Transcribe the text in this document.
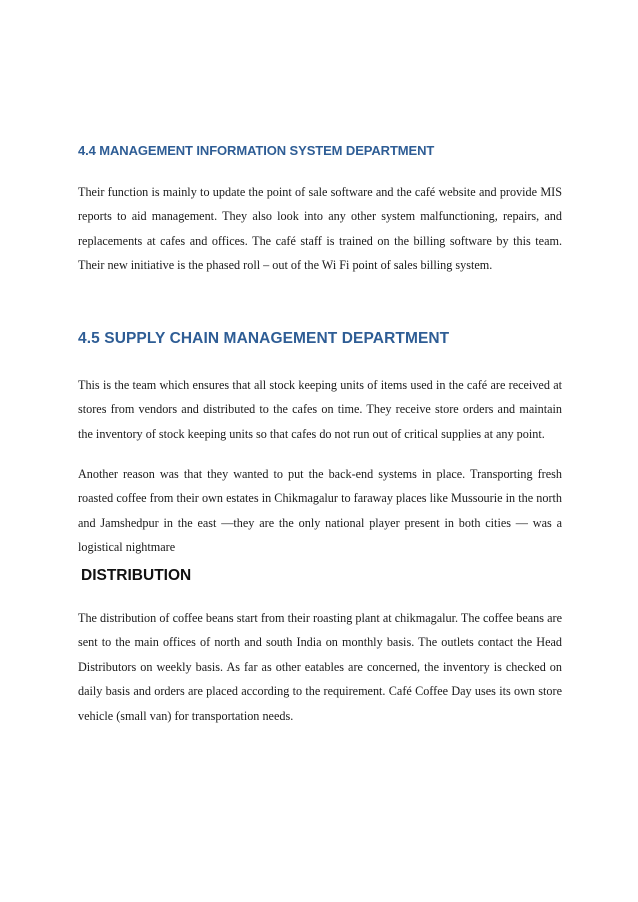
4.4 MANAGEMENT INFORMATION SYSTEM DEPARTMENT

Their function is mainly to update the point of sale software and the café website and provide MIS reports to aid management. They also look into any other system malfunctioning, repairs, and replacements at cafes and offices. The café staff is trained on the billing software by this team. Their new initiative is the phased roll – out of the Wi Fi point of sales billing system.

4.5 SUPPLY CHAIN MANAGEMENT DEPARTMENT

This is the team which ensures that all stock keeping units of items used in the café are received at stores from vendors and distributed to the cafes on time. They receive store orders and maintain the inventory of stock keeping units so that cafes do not run out of critical supplies at any point.

Another reason was that they wanted to put the back-end systems in place. Transporting fresh roasted coffee from their own estates in Chikmagalur to faraway places like Mussourie in the north and Jamshedpur in the east —they are the only national player present in both cities — was a logistical nightmare

DISTRIBUTION

The distribution of coffee beans start from their roasting plant at chikmagalur. The coffee beans are sent to the main offices of north and south India on monthly basis. The outlets contact the Head Distributors on weekly basis. As far as other eatables are concerned, the inventory is checked on daily basis and orders are placed according to the requirement. Café Coffee Day uses its own store vehicle (small van) for transportation needs.
